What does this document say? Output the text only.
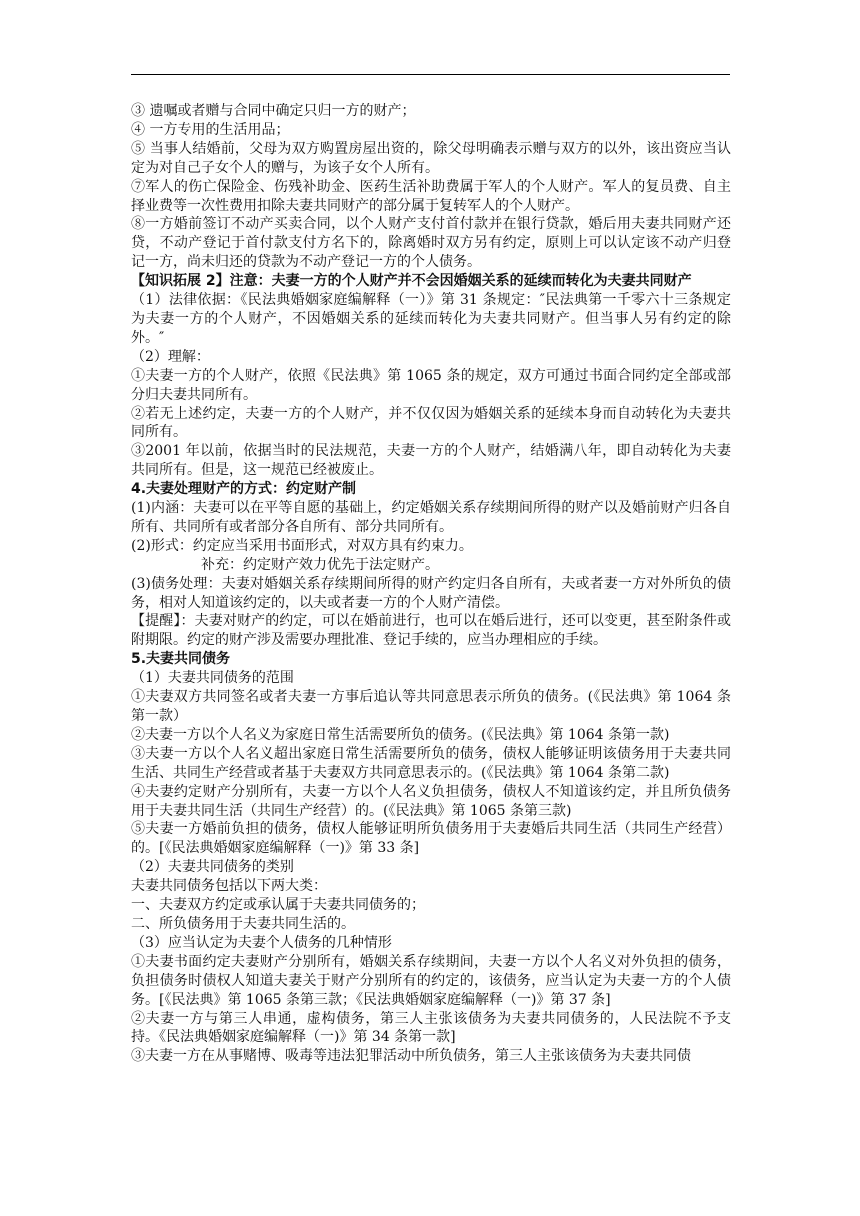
③ 遗嘱或者赠与合同中确定只归一方的财产；

④ 一方专用的生活用品；

⑤ 当事人结婚前，父母为双方购置房屋出资的，除父母明确表示赠与双方的以外，该出资应当认定为对自己子女个人的赠与，为该子女个人所有。

⑦军人的伤亡保险金、伤残补助金、医药生活补助费属于军人的个人财产。军人的复员费、自主择业费等一次性费用扣除夫妻共同财产的部分属于复转军人的个人财产。

⑧一方婚前签订不动产买卖合同，以个人财产支付首付款并在银行贷款，婚后用夫妻共同财产还贷，不动产登记于首付款支付方名下的，除离婚时双方另有约定，原则上可以认定该不动产归登记一方，尚未归还的贷款为不动产登记一方的个人债务。

【知识拓展 2】注意：夫妻一方的个人财产并不会因婚姻关系的延续而转化为夫妻共同财产

（1）法律依据：《民法典婚姻家庭编解释（一）》第 31 条规定：″民法典第一千零六十三条规定为夫妻一方的个人财产，不因婚姻关系的延续而转化为夫妻共同财产。但当事人另有约定的除外。″

（2）理解：

①夫妻一方的个人财产，依照《民法典》第 1065 条的规定，双方可通过书面合同约定全部或部分归夫妻共同所有。

②若无上述约定，夫妻一方的个人财产，并不仅仅因为婚姻关系的延续本身而自动转化为夫妻共同所有。

③2001 年以前，依据当时的民法规范，夫妻一方的个人财产，结婚满八年，即自动转化为夫妻共同所有。但是，这一规范已经被废止。

4.夫妻处理财产的方式：约定财产制

(1)内涵：夫妻可以在平等自愿的基础上，约定婚姻关系存续期间所得的财产以及婚前财产归各自所有、共同所有或者部分各自所有、部分共同所有。

(2)形式：约定应当采用书面形式，对双方具有约束力。

补充：约定财产效力优先于法定财产。

(3)债务处理：夫妻对婚姻关系存续期间所得的财产约定归各自所有，夫或者妻一方对外所负的债务，相对人知道该约定的，以夫或者妻一方的个人财产清偿。

【提醒】：夫妻对财产的约定，可以在婚前进行，也可以在婚后进行，还可以变更，甚至附条件或附期限。约定的财产涉及需要办理批准、登记手续的，应当办理相应的手续。

5.夫妻共同债务

（1）夫妻共同债务的范围

①夫妻双方共同签名或者夫妻一方事后追认等共同意思表示所负的债务。(《民法典》第 1064 条第一款）

②夫妻一方以个人名义为家庭日常生活需要所负的债务。(《民法典》第 1064 条第一款)

③夫妻一方以个人名义超出家庭日常生活需要所负的债务，债权人能够证明该债务用于夫妻共同生活、共同生产经营或者基于夫妻双方共同意思表示的。(《民法典》第 1064 条第二款)

④夫妻约定财产分别所有，夫妻一方以个人名义负担债务，债权人不知道该约定，并且所负债务用于夫妻共同生活（共同生产经营）的。(《民法典》第 1065 条第三款)

⑤夫妻一方婚前负担的债务，债权人能够证明所负债务用于夫妻婚后共同生活（共同生产经营）的。[《民法典婚姻家庭编解释（一)》第 33 条]

（2）夫妻共同债务的类别

夫妻共同债务包括以下两大类：

一、夫妻双方约定或承认属于夫妻共同债务的；

二、所负债务用于夫妻共同生活的。

（3）应当认定为夫妻个人债务的几种情形

①夫妻书面约定夫妻财产分别所有，婚姻关系存续期间，夫妻一方以个人名义对外负担的债务，负担债务时债权人知道夫妻关于财产分别所有的约定的，该债务，应当认定为夫妻一方的个人债务。[《民法典》第 1065 条第三款；《民法典婚姻家庭编解释（一)》第 37 条]

②夫妻一方与第三人串通，虚构债务，第三人主张该债务为夫妻共同债务的，人民法院不予支持。《民法典婚姻家庭编解释（一)》第 34 条第一款]

③夫妻一方在从事赌博、吸毒等违法犯罪活动中所负债务，第三人主张该债务为夫妻共同债
